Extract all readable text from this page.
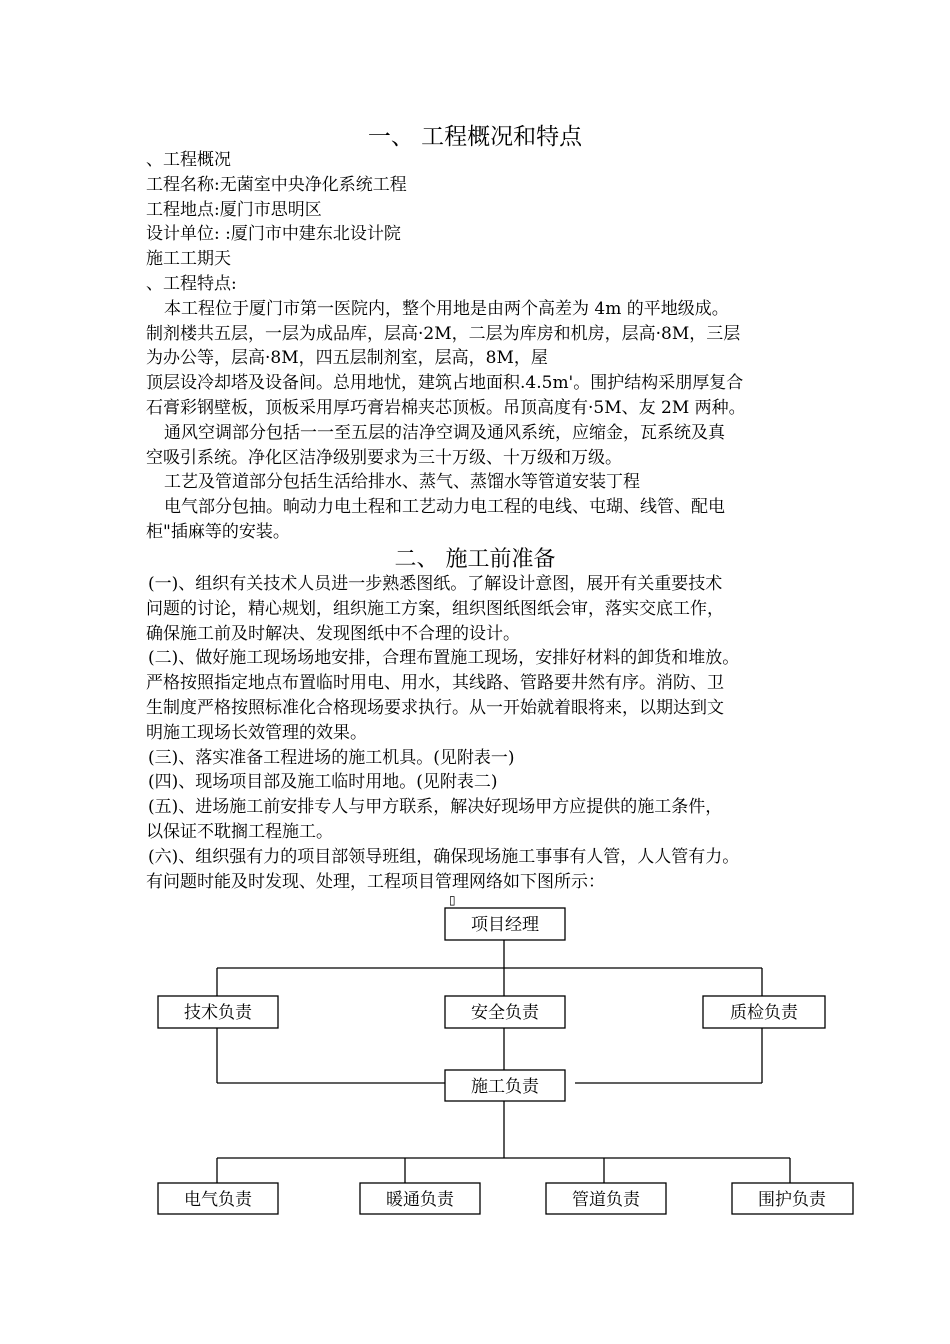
一、 工程概况和特点
、工程概况
工程名称:无菌室中央净化系统工程
工程地点:厦门市思明区
设计单位: :厦门市中建东北设计院
施工工期天
、工程特点:
本工程位于厦门市第一医院内，整个用地是由两个高差为 4m 的平地级成。
制剂楼共五层，一层为成品库，层高·2M，二层为库房和机房，层高·8M，三层
为办公等，层高·8M，四五层制剂室，层高，8M，屋
顶层设冷却塔及设备间。总用地忧，建筑占地面积.4.5m'。围护结构采朋厚复合
石膏彩钢壁板，顶板采用厚巧膏岩棉夹芯顶板。吊顶高度有·5M、友 2M 两种。
通风空调部分包括一一至五层的洁净空调及通风系统，应缩金，瓦系统及真
空吸引系统。净化区洁净级别要求为三十万级、十万级和万级。
工艺及管道部分包括生活给排水、蒸气、蒸馏水等管道安装丁程
电气部分包抽。晌动力电土程和工艺动力电工程的电线、屯瑚、线管、配电
柜"插麻等的安装。
二、 施工前准备
(一)、组织有关技术人员进一步熟悉图纸。了解设计意图，展开有关重要技术
问题的讨论，精心规划，组织施工方案，组织图纸图纸会审，落实交底工作，
确保施工前及时解决、发现图纸中不合理的设计。
(二)、做好施工现场场地安排，合理布置施工现场，安排好材料的卸货和堆放。
严格按照指定地点布置临时用电、用水，其线路、管路要井然有序。消防、卫
生制度严格按照标准化合格现场要求执行。从一开始就着眼将来，以期达到文
明施工现场长效管理的效果。
(三)、落实准备工程进场的施工机具。(见附表一)
(四)、现场项目部及施工临时用地。(见附表二)
(五)、进场施工前安排专人与甲方联系，解决好现场甲方应提供的施工条件，
以保证不耽搁工程施工。
(六)、组织强有力的项目部领导班组，确保现场施工事事有人管，人人管有力。
有问题时能及时发现、处理，工程项目管理网络如下图所示：
▯
项目经理
技术负责	安全负责	质检负责
施工负责
电气负责	暖通负责	管道负责	围护负责
